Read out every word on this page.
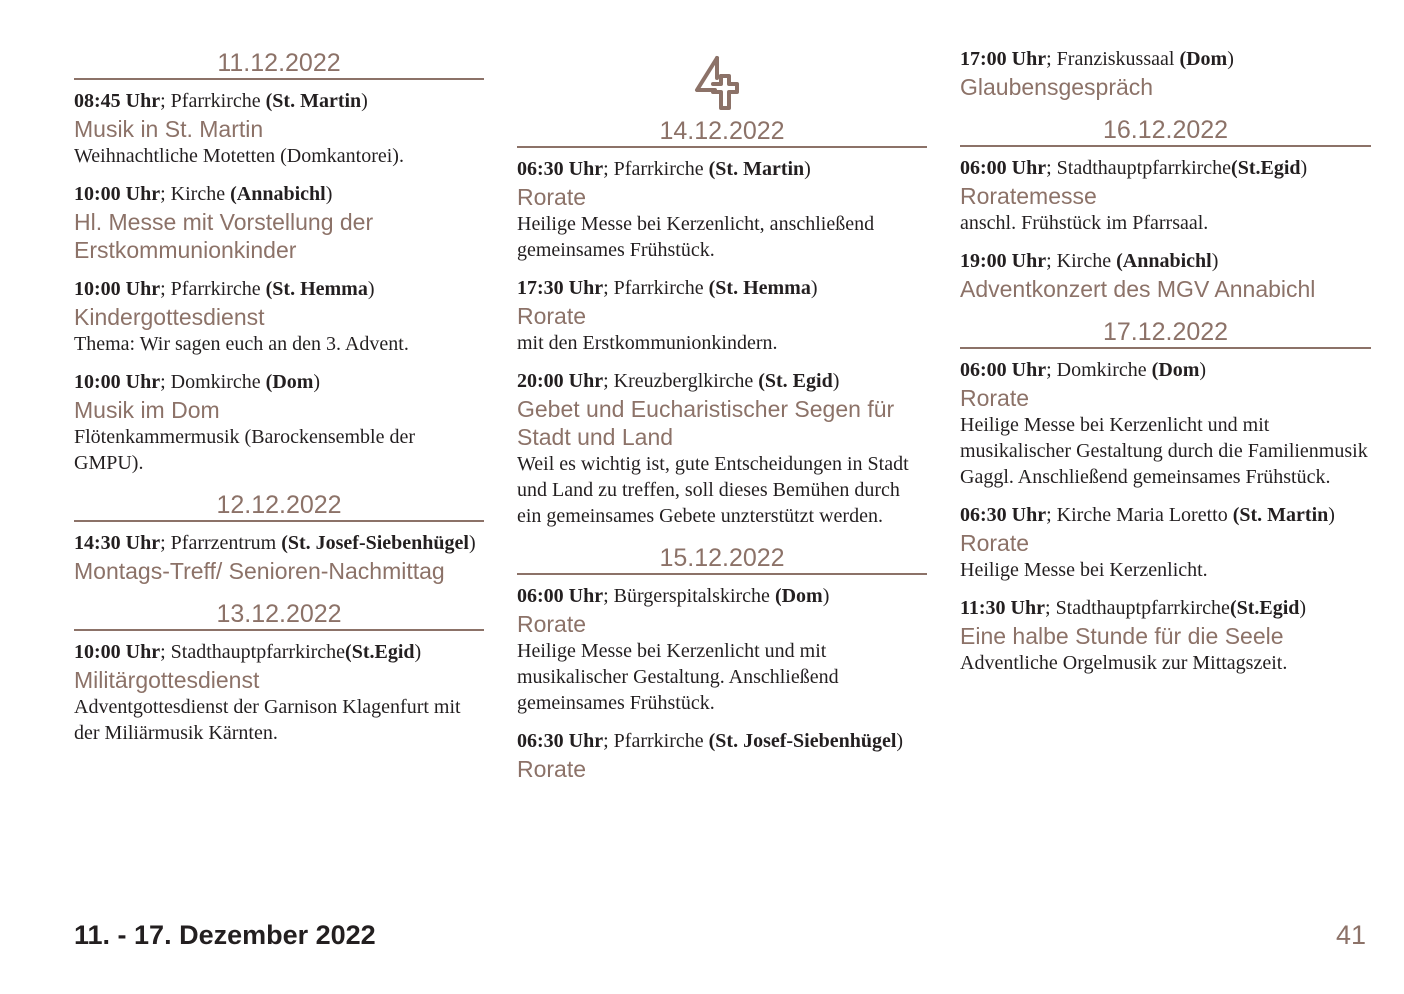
11.12.2022
08:45 Uhr; Pfarrkirche (St. Martin)
Musik in St. Martin
Weihnachtliche Motetten (Domkantorei).
10:00 Uhr; Kirche (Annabichl)
Hl. Messe mit Vorstellung der Erstkommunionkinder
10:00 Uhr; Pfarrkirche (St. Hemma)
Kindergottesdienst
Thema: Wir sagen euch an den 3. Advent.
10:00 Uhr; Domkirche (Dom)
Musik im Dom
Flötenkammermusik (Barockensemble der GMPU).
12.12.2022
14:30 Uhr; Pfarrzentrum (St. Josef-Siebenhügel)
Montags-Treff/ Senioren-Nachmittag
13.12.2022
10:00 Uhr; Stadthauptpfarrkirche(St.Egid)
Militärgottesdienst
Adventgottesdienst der Garnison Klagenfurt mit der Miliärmusik Kärnten.
14.12.2022
06:30 Uhr; Pfarrkirche (St. Martin)
Rorate
Heilige Messe bei Kerzenlicht, anschließend gemeinsames Frühstück.
17:30 Uhr; Pfarrkirche (St. Hemma)
Rorate
mit den Erstkommunionkindern.
20:00 Uhr; Kreuzberglkirche (St. Egid)
Gebet und Eucharistischer Segen für Stadt und Land
Weil es wichtig ist, gute Entscheidungen in Stadt und Land zu treffen, soll dieses Bemühen durch ein gemeinsames Gebete unzterstützt werden.
15.12.2022
06:00 Uhr; Bürgerspitalskirche (Dom)
Rorate
Heilige Messe bei Kerzenlicht und mit musikalischer Gestaltung. Anschließend gemeinsames Frühstück.
06:30 Uhr; Pfarrkirche (St. Josef-Siebenhügel)
Rorate
17:00 Uhr; Franziskussaal (Dom)
Glaubensgespräch
16.12.2022
06:00 Uhr; Stadthauptpfarrkirche(St.Egid)
Roratemesse
anschl. Frühstück im Pfarrsaal.
19:00 Uhr; Kirche (Annabichl)
Adventkonzert des MGV Annabichl
17.12.2022
06:00 Uhr; Domkirche (Dom)
Rorate
Heilige Messe bei Kerzenlicht und mit musikalischer Gestaltung durch die Familienmusik Gaggl. Anschließend gemeinsames Frühstück.
06:30 Uhr; Kirche Maria Loretto (St. Martin)
Rorate
Heilige Messe bei Kerzenlicht.
11:30 Uhr; Stadthauptpfarrkirche(St.Egid)
Eine halbe Stunde für die Seele
Adventliche Orgelmusik zur Mittagszeit.
11. - 17. Dezember 2022	41
